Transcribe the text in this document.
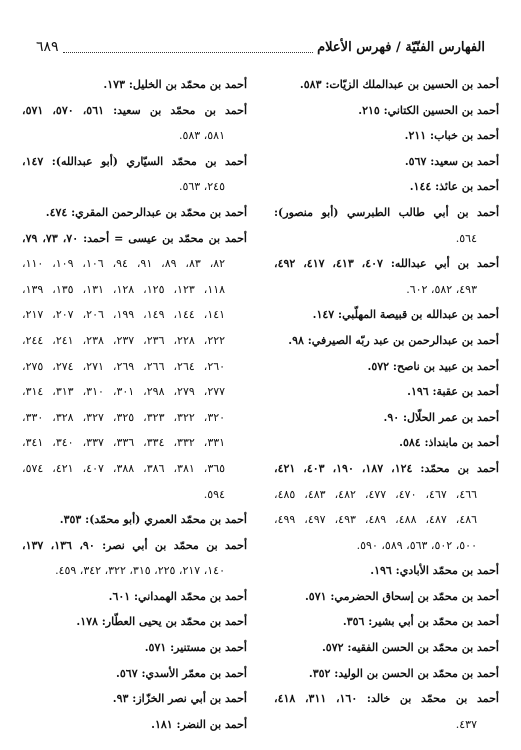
الفهارس الفنّيّة / فهرس الأعلام
٦٨٩
أحمد بن الحسين بن عبدالملك الزيّات: ٥٨٣.
أحمد بن الحسين الكتاني: ٢١٥.
أحمد بن خباب: ٢١١.
أحمد بن سعيد: ٥٦٧.
أحمد بن عائذ: ١٤٤.
أحمد بن أبي طالب الطبرسي (أبو منصور):
٥٦٤.
أحمد بن أبي عبدالله: ٤٠٧، ٤١٣، ٤١٧، ٤٩٢،
٤٩٣، ٥٨٢، ٦٠٢.
أحمد بن عبدالله بن قبيصة المهلّبي: ١٤٧.
أحمد بن عبدالرحمن بن عبد ربّه الصيرفي: ٩٨.
أحمد بن عبيد بن ناصح: ٥٧٢.
أحمد بن عقبة: ١٩٦.
أحمد بن عمر الحلّال: ٩٠.
أحمد بن مابنداذ: ٥٨٤.
أحمد بن محمّد: ١٢٤، ١٨٧، ١٩٠، ٤٠٣، ٤٢١،
٤٦٦، ٤٦٧، ٤٧٠، ٤٧٧، ٤٨٢، ٤٨٣، ٤٨٥،
٤٨٦، ٤٨٧، ٤٨٨، ٤٨٩، ٤٩٣، ٤٩٧، ٤٩٩،
٥٠٠، ٥٠٢، ٥٦٣، ٥٨٩، ٥٩٠.
أحمد بن محمّد الأبادي: ١٩٦.
أحمد بن محمّد بن إسحاق الحضرمي: ٥٧١.
أحمد بن محمّد بن أبي بشير: ٣٥٦.
أحمد بن محمّد بن الحسن الفقيه: ٥٧٢.
أحمد بن محمّد بن الحسن بن الوليد: ٣٥٢.
أحمد بن محمّد بن خالد: ١٦٠، ٣١١، ٤١٨،
٤٣٧.
أحمد بن محمّد بن الخليل: ١٧٣.
أحمد بن محمّد بن سعيد: ٥٦١، ٥٧٠، ٥٧١،
٥٨١، ٥٨٣.
أحمد بن محمّد السيّاري (أبو عبدالله): ١٤٧،
٢٤٥، ٥٦٣.
أحمد بن محمّد بن عبدالرحمن المقري: ٤٧٤.
أحمد بن محمّد بن عيسى = أحمد: ٧٠، ٧٣، ٧٩،
٨٢، ٨٣، ٨٩، ٩١، ٩٤، ١٠٦، ١٠٩، ١١٠،
١١٨، ١٢٣، ١٢٥، ١٢٨، ١٣١، ١٣٥، ١٣٩،
١٤١، ١٤٤، ١٤٩، ١٩٩، ٢٠٦، ٢٠٧، ٢١٧،
٢٢٢، ٢٢٨، ٢٣٦، ٢٣٧، ٢٣٨، ٢٤١، ٢٤٤،
٢٦٠، ٢٦٤، ٢٦٦، ٢٦٩، ٢٧١، ٢٧٤، ٢٧٥،
٢٧٧، ٢٧٩، ٢٩٨، ٣٠١، ٣١٠، ٣١٣، ٣١٤،
٣٢٠، ٣٢٢، ٣٢٣، ٣٢٥، ٣٢٧، ٣٢٨، ٣٣٠،
٣٣١، ٣٣٢، ٣٣٤، ٣٣٦، ٣٣٧، ٣٤٠، ٣٤١،
٣٦٥، ٣٨١، ٣٨٦، ٣٨٨، ٤٠٧، ٤٢١، ٥٧٤،
٥٩٤.
أحمد بن محمّد العمري (أبو محمّد): ٣٥٣.
أحمد بن محمّد بن أبي نصر: ٩٠، ١٣٦، ١٣٧،
١٤٠، ٢١٧، ٢٢٥، ٣١٥، ٣٢٢، ٣٤٢، ٤٥٩.
أحمد بن محمّد الهمداني: ٦٠١.
أحمد بن محمّد بن يحيى العطّار: ١٧٨.
أحمد بن مستنير: ٥٧١.
أحمد بن معمّر الأسدي: ٥٦٧.
أحمد بن أبي نصر الخزّاز: ٩٣.
أحمد بن النضر: ١٨١.
